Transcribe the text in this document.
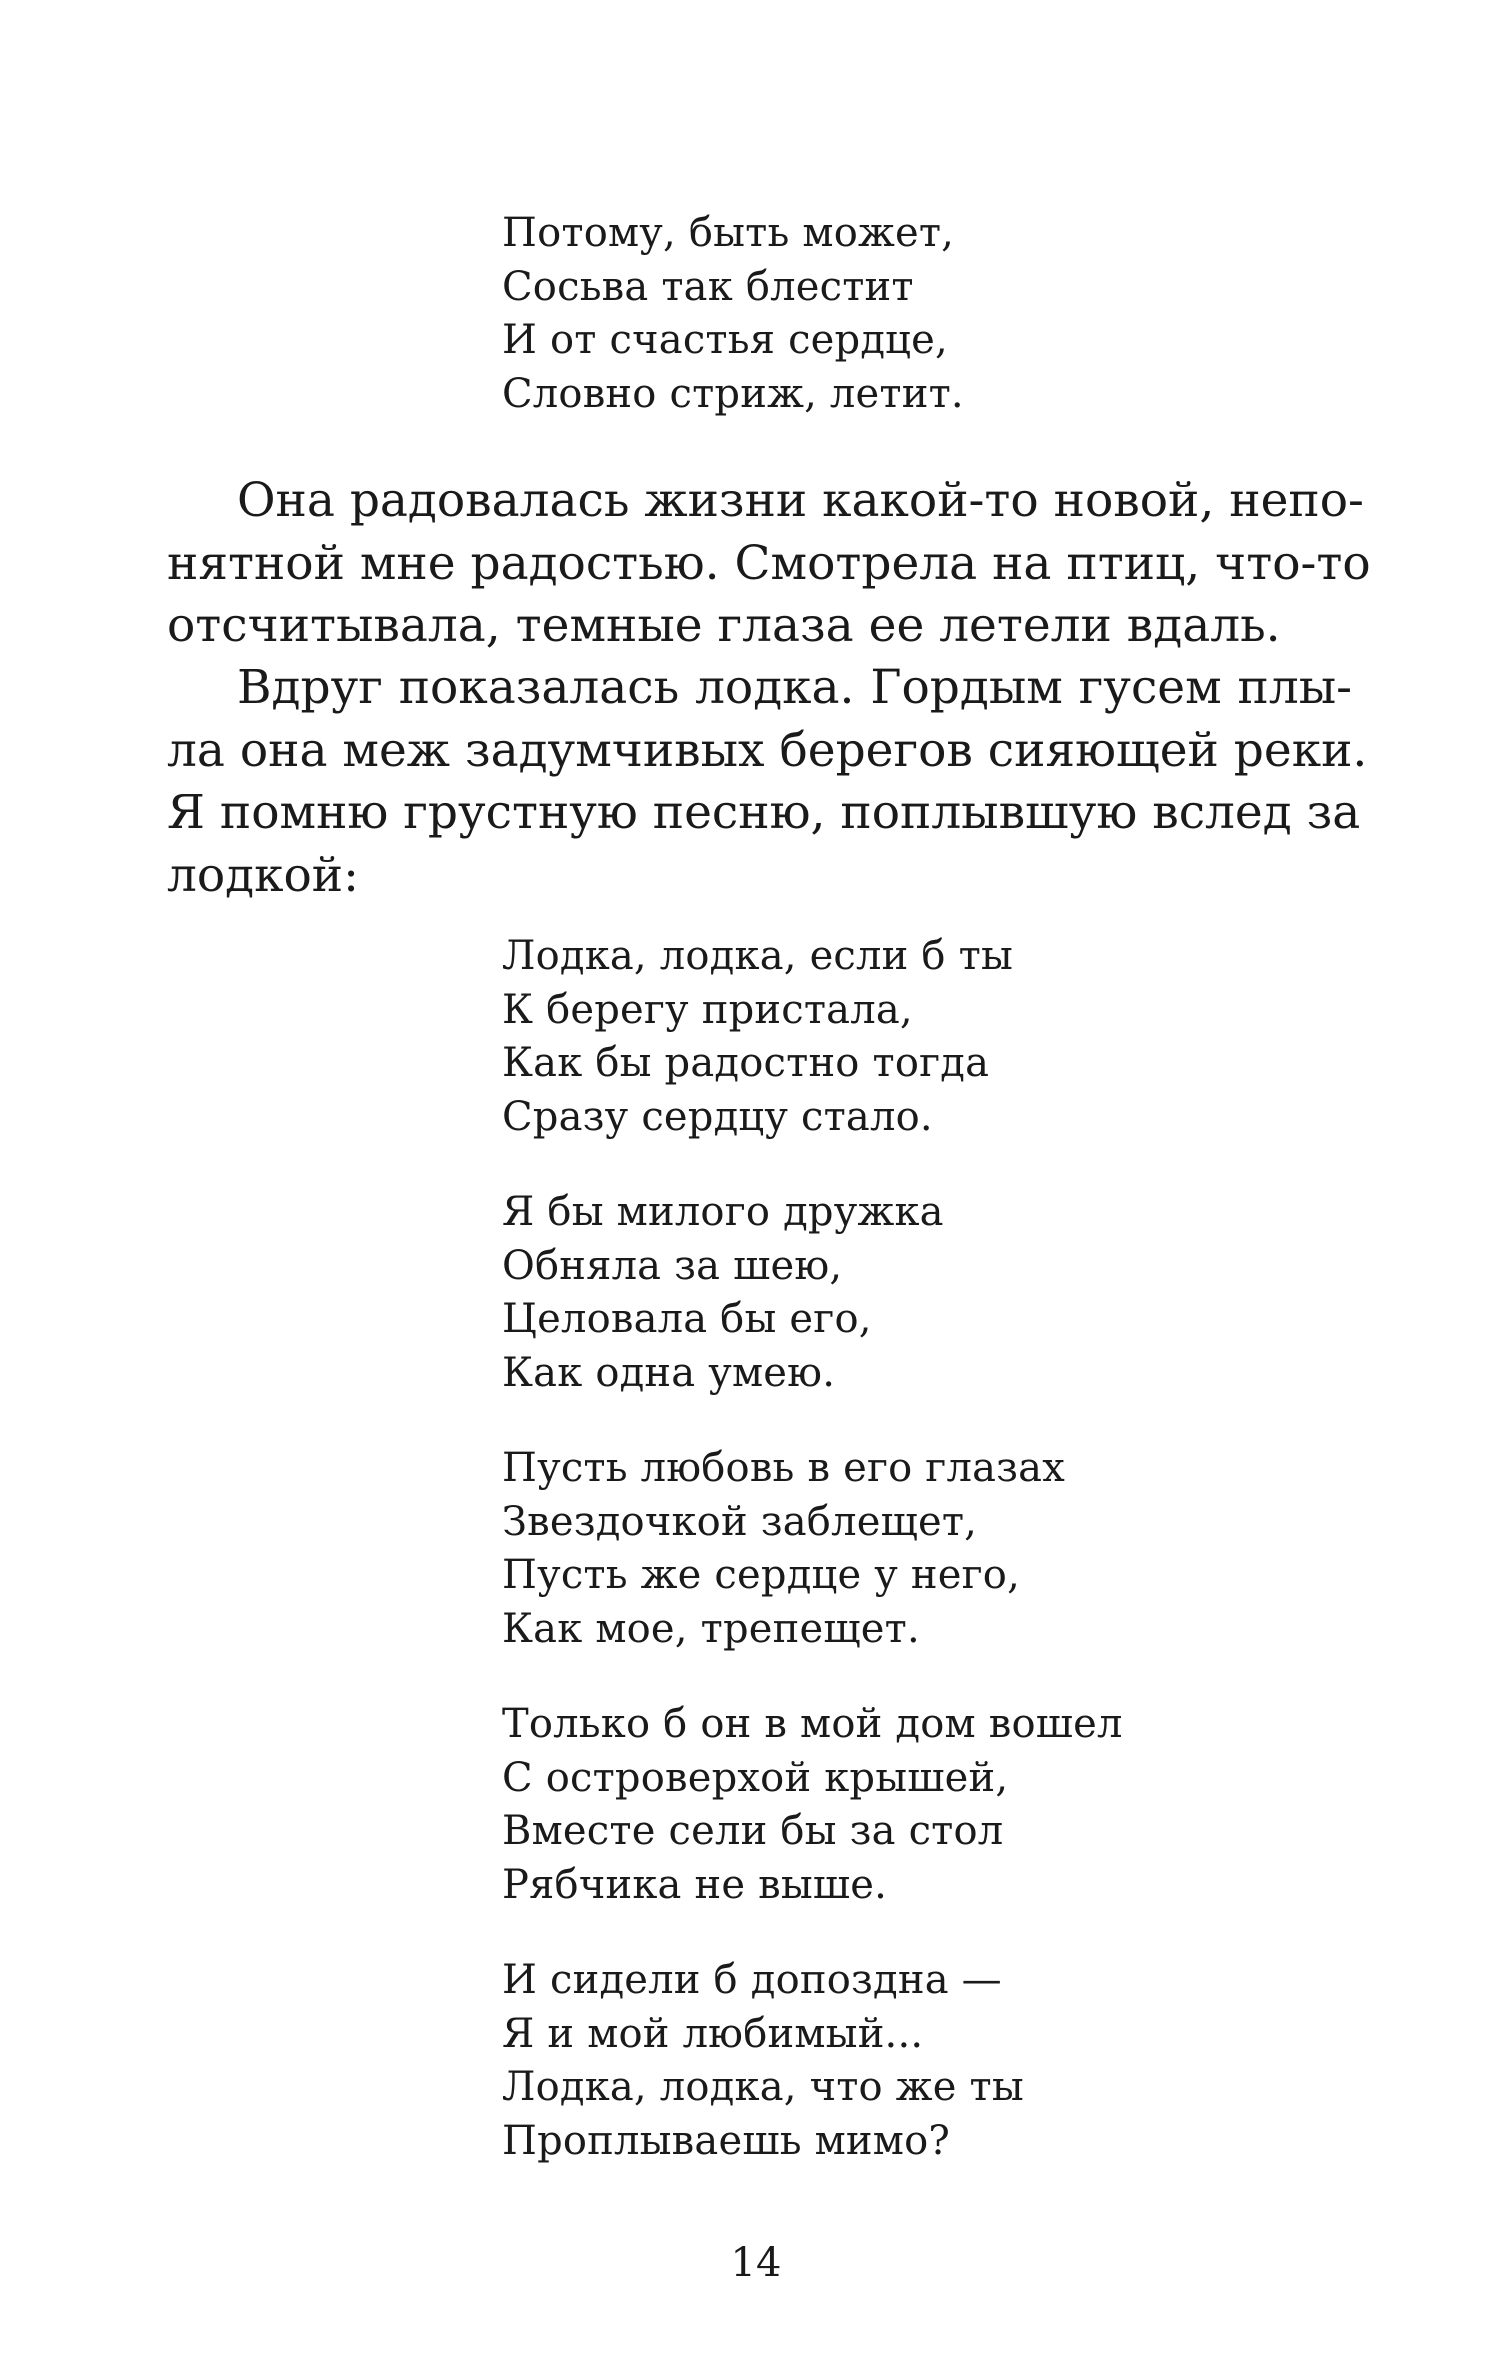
Потому, быть может,
Сосьва так блестит
И от счастья сердце,
Словно стриж, летит.
Она радовалась жизни какой-то новой, непо-
нятной мне радостью. Смотрела на птиц, что-то
отсчитывала, темные глаза ее летели вдаль.
Вдруг показалась лодка. Гордым гусем плы-
ла она меж задумчивых берегов сияющей реки.
Я помню грустную песню, поплывшую вслед за
лодкой:
Лодка, лодка, если б ты
К берегу пристала,
Как бы радостно тогда
Сразу сердцу стало.
Я бы милого дружка
Обняла за шею,
Целовала бы его,
Как одна умею.
Пусть любовь в его глазах
Звездочкой заблещет,
Пусть же сердце у него,
Как мое, трепещет.
Только б он в мой дом вошел
С островерхой крышей,
Вместе сели бы за стол
Рябчика не выше.
И сидели б допоздна —
Я и мой любимый...
Лодка, лодка, что же ты
Проплываешь мимо?
14
